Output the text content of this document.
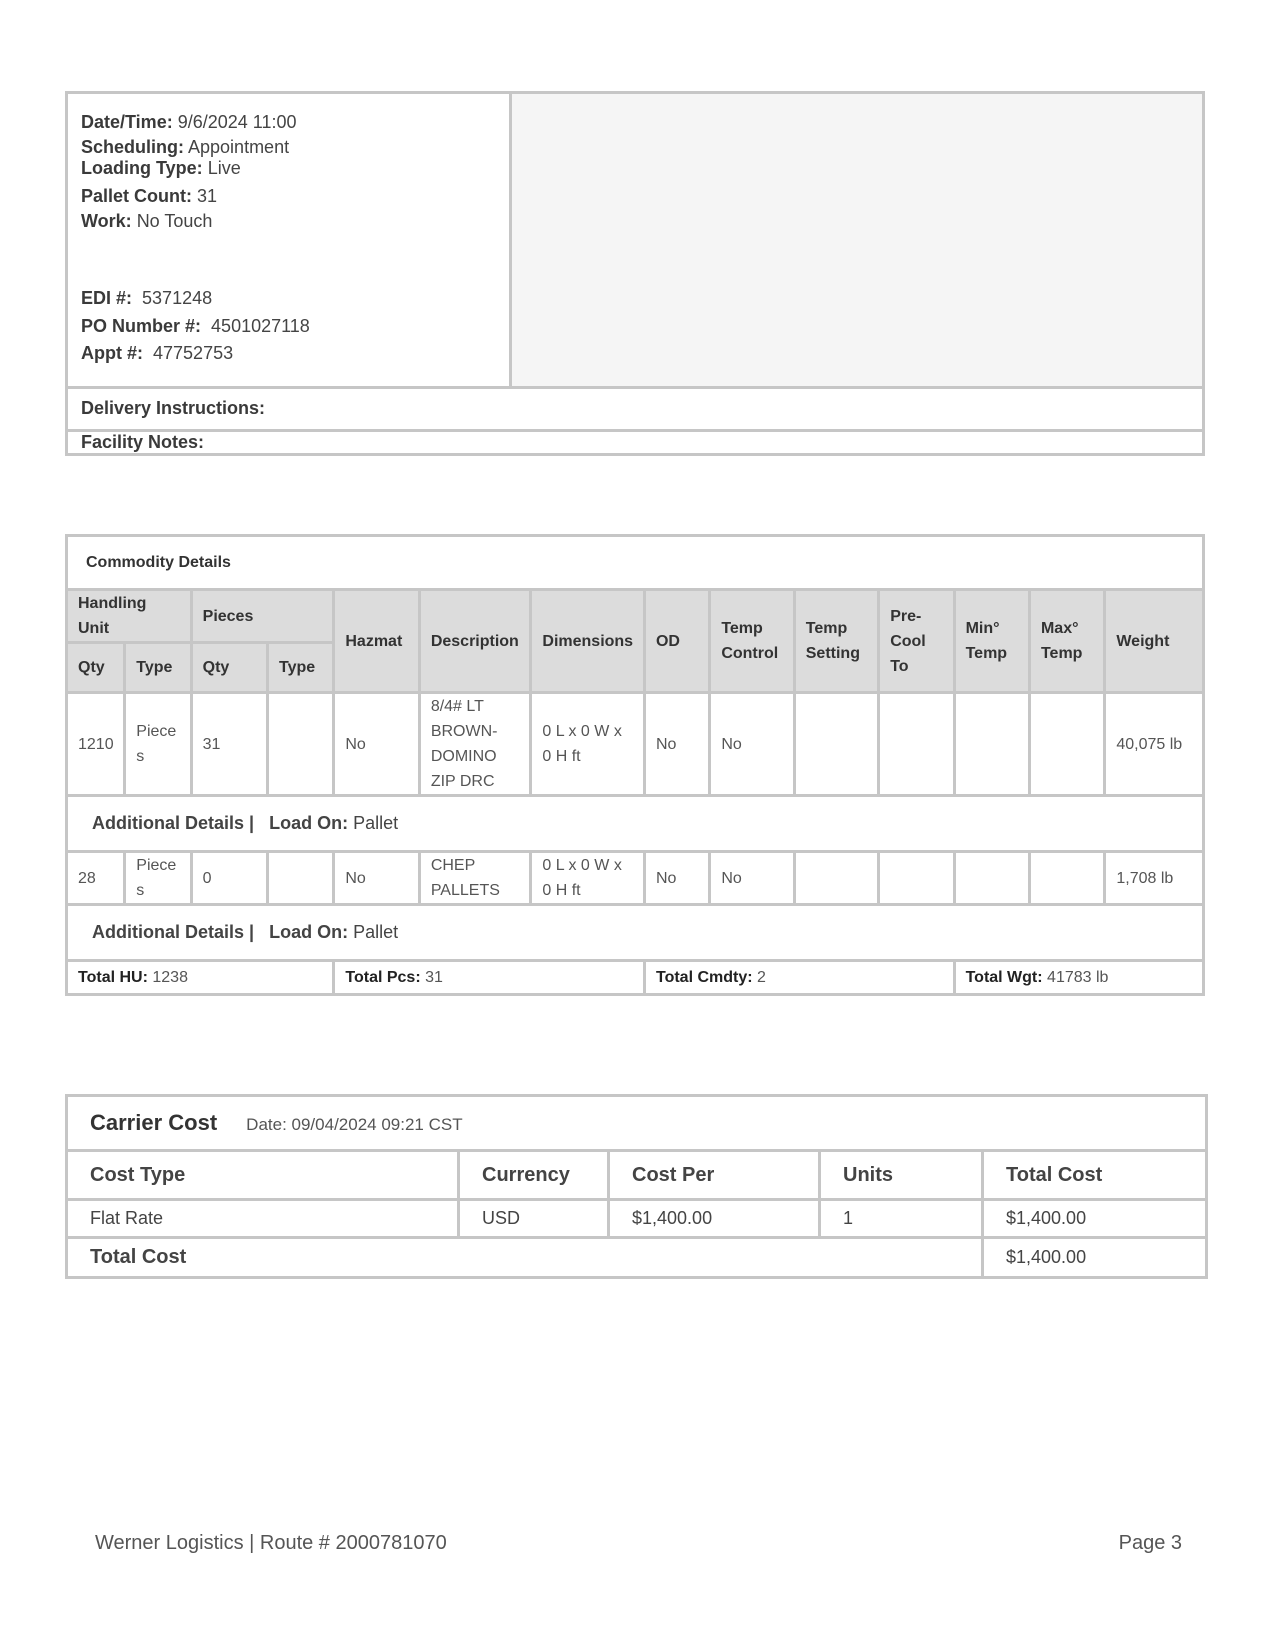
Date/Time: 9/6/2024 11:00
Scheduling: Appointment
Loading Type: Live
Pallet Count: 31
Work: No Touch
EDI #: 5371248
PO Number #: 4501027118
Appt #: 47752753
Delivery Instructions:
Facility Notes:
Commodity Details													
Handling Unit		Pieces		Hazmat	Description	Dimensions	OD	Temp Control	Temp Setting	Pre-Cool To	Min° Temp	Max° Temp	Weight
Qty	Type	Qty	Type										
1210	Pieces	31		No	8/4# LT BROWN-DOMINO ZIP DRC	0 L x 0 W x 0 H ft	No	No					40,075 lb
Additional Details | Load On: Pallet													
28	Pieces	0		No	CHEP PALLETS	0 L x 0 W x 0 H ft	No	No					1,708 lb
Additional Details | Load On: Pallet													
Total HU: 1238				Total Pcs: 31			Total Cmdty: 2				Total Wgt: 41783 lb		
Carrier Cost Date: 09/04/2024 09:21 CST				
Cost Type	Currency	Cost Per	Units	Total Cost
Flat Rate	USD	$1,400.00	1	$1,400.00
Total Cost				$1,400.00
Werner Logistics | Route # 2000781070	Page 3
